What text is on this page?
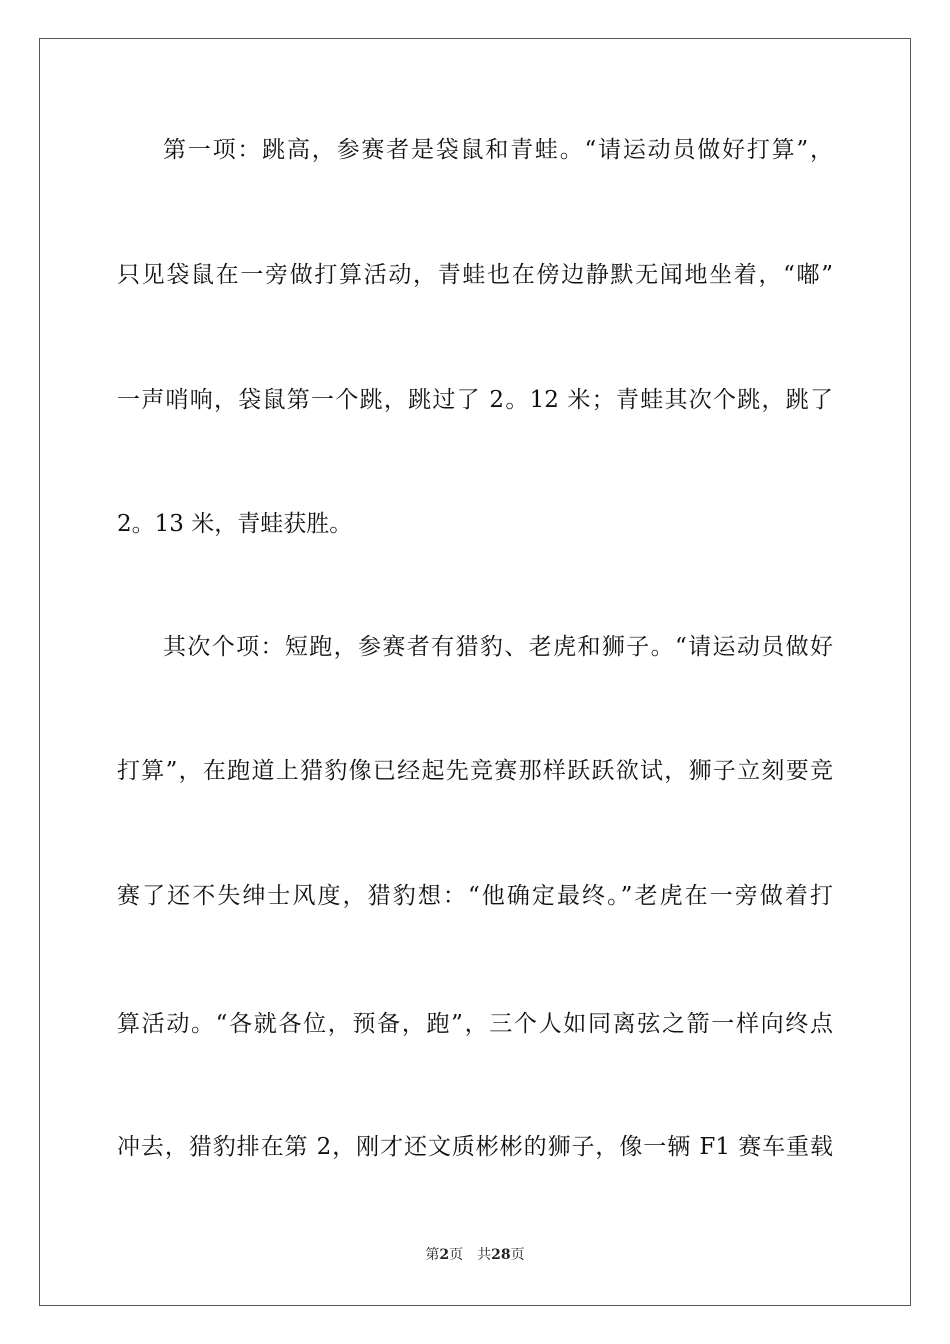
第一项：跳高，参赛者是袋鼠和青蛙。“请运动员做好打算”，
只见袋鼠在一旁做打算活动，青蛙也在傍边静默无闻地坐着，“嘟”
一声哨响，袋鼠第一个跳，跳过了 2。12 米；青蛙其次个跳，跳了
2。13 米，青蛙获胜。
其次个项：短跑，参赛者有猎豹、老虎和狮子。“请运动员做好
打算”，在跑道上猎豹像已经起先竞赛那样跃跃欲试，狮子立刻要竞
赛了还不失绅士风度，猎豹想：“他确定最终。”老虎在一旁做着打
算活动。“各就各位，预备，跑”，三个人如同离弦之箭一样向终点
冲去，猎豹排在第 2，刚才还文质彬彬的狮子，像一辆 F1 赛车重载
第2页 共28页
